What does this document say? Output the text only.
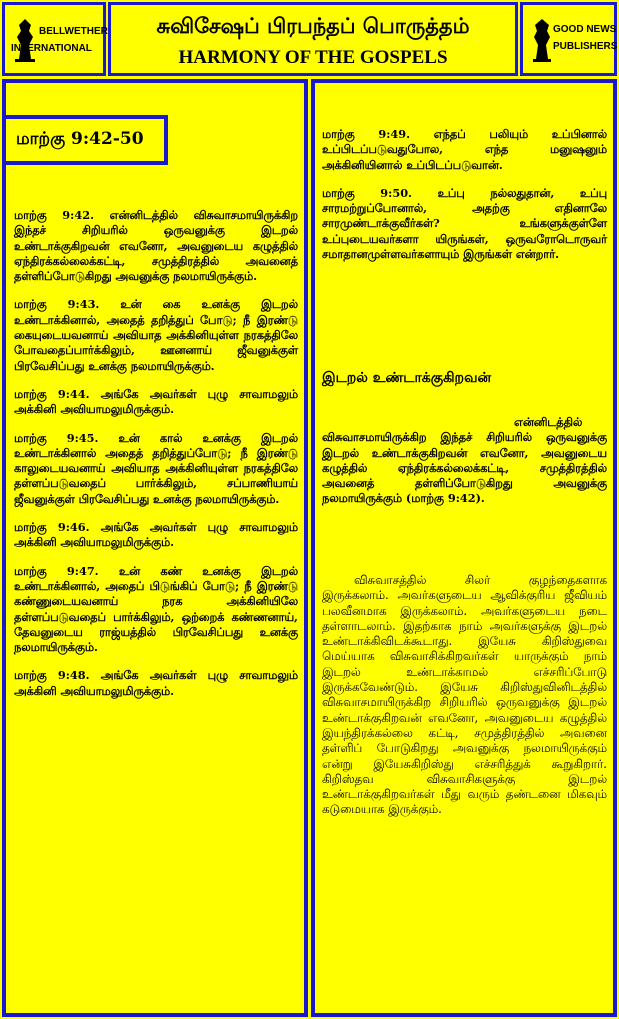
BELLWETHER
INTERNATIONAL
சுவிசேஷப் பிரபந்தப் பொருத்தம்
HARMONY OF THE GOSPELS
GOOD NEWS
PUBLISHERS
மாற்கு 9:42-50

மாற்கு 9:42. என்னிடத்தில் விசுவாசமாயிருக்கிற இந்தச் சிறியரில் ஒருவனுக்கு இடறல் உண்டாக்குகிறவன் எவனோ, அவனுடைய கழுத்தில் ஏந்திரக்கல்லைக்கட்டி, சமுத்திரத்தில் அவனைத் தள்ளிப்போடுகிறது அவனுக்கு நலமாயிருக்கும்.

மாற்கு 9:43. உன் கை உனக்கு இடறல் உண்டாக்கினால், அதைத் தறித்துப் போடு; நீ இரண்டு கையுடையவனாய் அவியாத அக்கினியுள்ள நரகத்திலே போவதைப்பார்க்கிலும், ஊனனாய் ஜீவனுக்குள் பிரவேசிப்பது உனக்கு நலமாயிருக்கும்.

மாற்கு 9:44. அங்கே அவர்கள் புழு சாவாமலும் அக்கினி அவியாமலுமிருக்கும்.

மாற்கு 9:45. உன் கால் உனக்கு இடறல் உண்டாக்கினால் அதைத் தறித்துப்போடு; நீ இரண்டு காலுடையவனாய் அவியாத அக்கினியுள்ள நரகத்திலே தள்ளப்படுவதைப் பார்க்கிலும், சப்பாணியாய் ஜீவனுக்குள் பிரவேசிப்பது உனக்கு நலமாயிருக்கும்.

மாற்கு 9:46. அங்கே அவர்கள் புழு சாவாமலும் அக்கினி அவியாமலுமிருக்கும்.

மாற்கு 9:47. உன் கண் உனக்கு இடறல் உண்டாக்கினால், அதைப் பிடுங்கிப் போடு; நீ இரண்டு கண்ணுடையவனாய் நரக அக்கினியிலே தள்ளப்படுவதைப் பார்க்கிலும், ஒற்றைக் கண்ணனாய், தேவனுடைய ராஜ்யத்தில் பிரவேசிப்பது உனக்கு நலமாயிருக்கும்.

மாற்கு 9:48. அங்கே அவர்கள் புழு சாவாமலும் அக்கினி அவியாமலுமிருக்கும்.

மாற்கு 9:49. எந்தப் பலியும் உப்பினால் உப்பிடப்படுவதுபோல, எந்த மனுஷனும் அக்கினியினால் உப்பிடப்படுவான்.

மாற்கு 9:50. உப்பு நல்லதுதான், உப்பு சாரமற்றுப்போனால், அதற்கு எதினாலே சாரமுண்டாக்குவீர்கள்? உங்களுக்குள்ளே உப்புடையவர்களா யிருங்கள், ஒருவரோடொருவர் சமாதானமுள்ளவர்களாயும் இருங்கள் என்றார்.

இடறல் உண்டாக்குகிறவன்

என்னிடத்தில் விசுவாசமாயிருக்கிற இந்தச் சிறியரில் ஒருவனுக்கு இடறல் உண்டாக்குகிறவன் எவனோ, அவனுடைய கழுத்தில் ஏந்திரக்கல்லைக்கட்டி, சமுத்திரத்தில் அவனைத் தள்ளிப்போடுகிறது அவனுக்கு நலமாயிருக்கும் (மாற்கு 9:42).

விசுவாசத்தில் சிலர் குழந்தைகளாக இருக்கலாம். அவர்களுடைய ஆவிக்குரிய ஜீவியம் பலவீனமாக இருக்கலாம். அவர்களுடைய நடை தள்ளாடலாம். இதற்காக நாம் அவர்களுக்கு இடறல் உண்டாக்கிவிடக்கூடாது. இயேசு கிறிஸ்துவை மெய்யாக விசுவாசிக்கிறவர்கள் யாருக்கும் நாம் இடறல் உண்டாக்காமல் எச்சரிப்போடு இருக்கவேண்டும். இயேசு கிறிஸ்துவினிடத்தில் விசுவாசமாயிருக்கிற சிறியரில் ஒருவனுக்கு இடறல் உண்டாக்குகிறவன் எவனோ, அவனுடைய கழுத்தில் இயந்திரக்கல்லை கட்டி, சமுத்திரத்தில் அவனை தள்ளிப் போடுகிறது அவனுக்கு நலமாயிருக்கும் என்று இயேசுகிறிஸ்து எச்சரித்துக் கூறுகிறார். கிறிஸ்தவ விசுவாசிகளுக்கு இடறல் உண்டாக்குகிறவர்கள் மீது வரும் தண்டனை மிகவும் கடுமையாக இருக்கும்.
